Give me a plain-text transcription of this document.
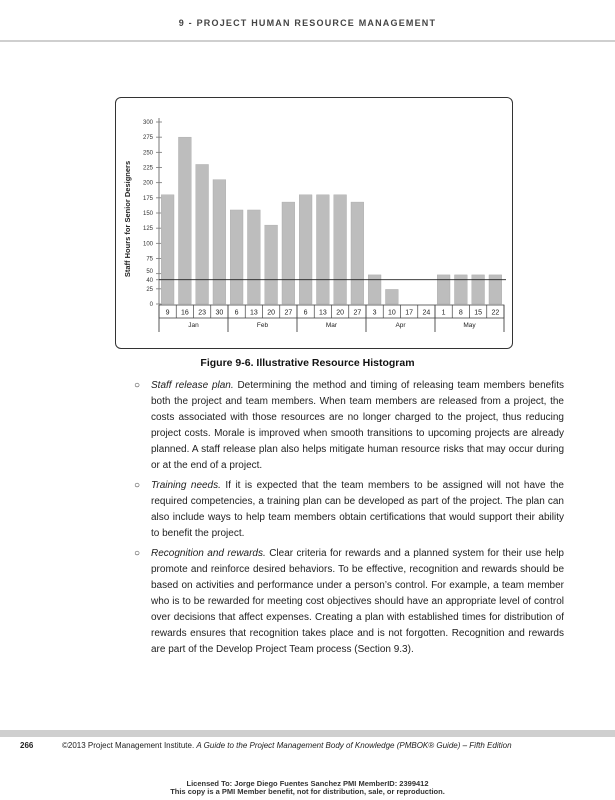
9 - PROJECT HUMAN RESOURCE MANAGEMENT
0
25
40
50
75
100
125
150
175
200
225
250
275
300
Staff Hours for Senior Designers
9 16 23 30 6 13 20 27 6 13 20 27 3 10 17 24 1 8 15 22
Jan	Feb	Mar	Apr	May
Figure 9-6. Illustrative Resource Histogram
○ Staff release plan. Determining the method and timing of releasing team members benefits both the project and team members. When team members are released from a project, the costs associated with those resources are no longer charged to the project, thus reducing project costs. Morale is improved when smooth transitions to upcoming projects are already planned. A staff release plan also helps mitigate human resource risks that may occur during or at the end of a project.
○ Training needs. If it is expected that the team members to be assigned will not have the required competencies, a training plan can be developed as part of the project. The plan can also include ways to help team members obtain certifications that would support their ability to benefit the project.
○ Recognition and rewards. Clear criteria for rewards and a planned system for their use help promote and reinforce desired behaviors. To be effective, recognition and rewards should be based on activities and performance under a person’s control. For example, a team member who is to be rewarded for meeting cost objectives should have an appropriate level of control over decisions that affect expenses. Creating a plan with established times for distribution of rewards ensures that recognition takes place and is not forgotten. Recognition and rewards are part of the Develop Project Team process (Section 9.3).
266	©2013 Project Management Institute. A Guide to the Project Management Body of Knowledge (PMBOK® Guide) – Fifth Edition
Licensed To: Jorge Diego Fuentes Sanchez PMI MemberID: 2399412
This copy is a PMI Member benefit, not for distribution, sale, or reproduction.
